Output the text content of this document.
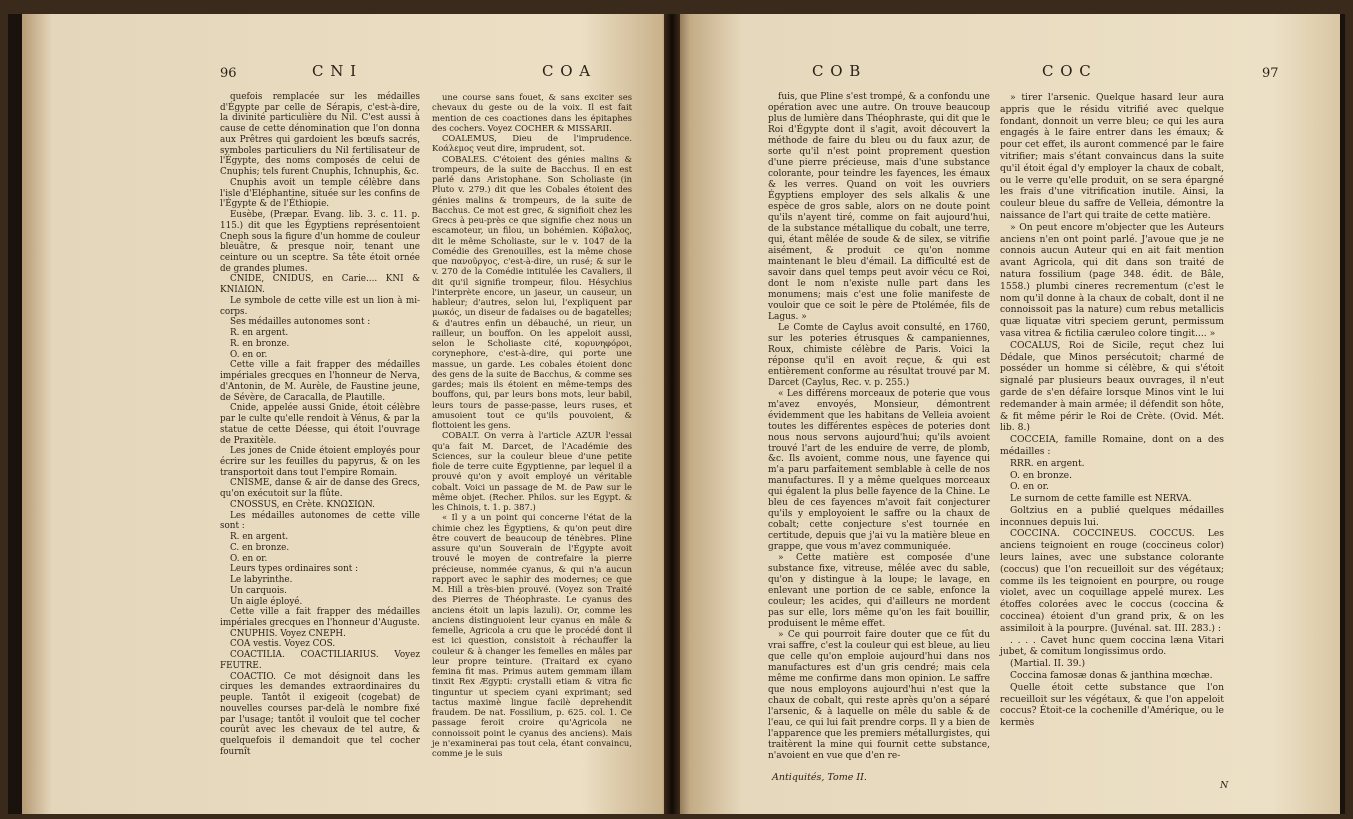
96	C N I	C O A

quefois remplacée sur les médailles d'Égypte par celle de Sérapis, c'est-à-dire, la divinité particulière du Nil. C'est aussi à cause de cette dénomination que l'on donna aux Prêtres qui gardoient les bœufs sacrés, symboles particuliers du Nil fertilisateur de l'Égypte, des noms composés de celui de Cnuphis; tels furent Cnuphis, Ichnuphis, &c.

Cnuphis avoit un temple célèbre dans l'isle d'Eléphantine, située sur les confins de l'Égypte & de l'Éthiopie.

Eusèbe, (Præpar. Evang. lib. 3. c. 11. p. 115.) dit que les Égyptiens représentoient Cneph sous la figure d'un homme de couleur bleuâtre, & presque noir, tenant une ceinture ou un sceptre. Sa tête étoit ornée de grandes plumes.

CNIDE, CNIDUS, en Carie.... KNI & KNIΔIΩN.

Le symbole de cette ville est un lion à mi-corps.

Ses médailles autonomes sont :

R. en argent.

R. en bronze.

O. en or.

Cette ville a fait frapper des médailles impériales grecques en l'honneur de Nerva, d'Antonin, de M. Aurèle, de Faustine jeune, de Sévère, de Caracalla, de Plautille.

Cnide, appelée aussi Gnide, étoit célèbre par le culte qu'elle rendoit à Vénus, & par la statue de cette Déesse, qui étoit l'ouvrage de Praxitèle.

Les jones de Cnide étoient employés pour écrire sur les feuilles du papyrus, & on les transportoit dans tout l'empire Romain.

CNISME, danse & air de danse des Grecs, qu'on exécutoit sur la flûte.

CNOSSUS, en Crète. KNΩΣIΩN.

Les médailles autonomes de cette ville sont :

R. en argent.

C. en bronze.

O. en or.

Leurs types ordinaires sont :

Le labyrinthe.

Un carquois.

Un aigle éployé.

Cette ville a fait frapper des médailles impériales grecques en l'honneur d'Auguste.

CNUPHIS. Voyez CNEPH.

COA vestis. Voyez COS.

COACTILIA. COACTILIARIUS. Voyez FEUTRE.

COACTIO. Ce mot désignoit dans les cirques les demandes extraordinaires du peuple. Tantôt il exigeoit (cogebat) de nouvelles courses par-delà le nombre fixé par l'usage; tantôt il vouloit que tel cocher courût avec les chevaux de tel autre, & quelquefois il demandoit que tel cocher fournît

une course sans fouet, & sans exciter ses chevaux du geste ou de la voix. Il est fait mention de ces coactiones dans les épitaphes des cochers. Voyez COCHER & MISSARII.

COALEMUS, Dieu de l'imprudence. Κοάλεμος veut dire, imprudent, sot.

COBALES. C'étoient des génies malins & trompeurs, de la suite de Bacchus. Il en est parlé dans Aristophane. Son Scholiaste (in Pluto v. 279.) dit que les Cobales étoient des génies malins & trompeurs, de la suite de Bacchus. Ce mot est grec, & signifioit chez les Grecs à peu-près ce que signifie chez nous un escamoteur, un filou, un bohémien. Κόβαλος, dit le même Scholiaste, sur le v. 1047 de la Comédie des Grenouilles, est la même chose que πανοῦργος, c'est-à-dire, un rusé; & sur le v. 270 de la Comédie intitulée les Cavaliers, il dit qu'il signifie trompeur, filou. Hésychius l'interprète encore, un jaseur, un causeur, un hableur; d'autres, selon lui, l'expliquent par μωκός, un diseur de fadaises ou de bagatelles; & d'autres enfin un débauché, un rieur, un railleur, un bouffon. On les appeloit aussi, selon le Scholiaste cité, κορυνηφόροι, corynephore, c'est-à-dire, qui porte une massue, un garde. Les cobales étoient donc des gens de la suite de Bacchus, & comme ses gardes; mais ils étoient en même-temps des bouffons, qui, par leurs bons mots, leur babil, leurs tours de passe-passe, leurs ruses, et amusoient tout ce qu'ils pouvoient, & flottoient les gens.

COBALT. On verra à l'article AZUR l'essai qu'a fait M. Darcet, de l'Académie des Sciences, sur la couleur bleue d'une petite fiole de terre cuite Égyptienne, par lequel il a prouvé qu'on y avoit employé un véritable cobalt. Voici un passage de M. de Paw sur le même objet. (Recher. Philos. sur les Egypt. & les Chinois, t. 1. p. 387.)

« Il y a un point qui concerne l'état de la chimie chez les Égyptiens, & qu'on peut dire être couvert de beaucoup de ténèbres. Pline assure qu'un Souverain de l'Égypte avoit trouvé le moyen de contrefaire la pierre précieuse, nommée cyanus, & qui n'a aucun rapport avec le saphir des modernes; ce que M. Hill a très-bien prouvé. (Voyez son Traité des Pierres de Théophraste. Le cyanus des anciens étoit un lapis lazuli). Or, comme les anciens distinguoient leur cyanus en mâle & femelle, Agricola a cru que le procédé dont il est ici question, consistoit à réchauffer la couleur & à changer les femelles en mâles par leur propre teinture. (Traitard ex cyano femina fit mas. Primus autem gemmam illam tinxit Rex Ægypti: crystalli etiam & vitra fic tinguntur ut speciem cyani exprimant; sed tactus maximè lingue facilè deprehendit fraudem. De nat. Fossilium, p. 625. col. 1. Ce passage feroit croire qu'Agricola ne connoissoit point le cyanus des anciens). Mais je n'examinerai pas tout cela, étant convaincu, comme je le suis

C O B	C O C	97

fuis, que Pline s'est trompé, & a confondu une opération avec une autre. On trouve beaucoup plus de lumière dans Théophraste, qui dit que le Roi d'Égypte dont il s'agit, avoit découvert la méthode de faire du bleu ou du faux azur, de sorte qu'il n'est point proprement question d'une pierre précieuse, mais d'une substance colorante, pour teindre les fayences, les émaux & les verres. Quand on voit les ouvriers Égyptiens employer des sels alkalis & une espèce de gros sable, alors on ne doute point qu'ils n'ayent tiré, comme on fait aujourd'hui, de la substance métallique du cobalt, une terre, qui, étant mêlée de soude & de silex, se vitrifie aisément, & produit ce qu'on nomme maintenant le bleu d'émail. La difficulté est de savoir dans quel temps peut avoir vécu ce Roi, dont le nom n'existe nulle part dans les monumens; mais c'est une folie manifeste de vouloir que ce soit le père de Ptolémée, fils de Lagus. »

Le Comte de Caylus avoit consulté, en 1760, sur les poteries étrusques & campaniennes, Roux, chimiste célèbre de Paris. Voici la réponse qu'il en avoit reçue, & qui est entièrement conforme au résultat trouvé par M. Darcet (Caylus, Rec. v. p. 255.)

« Les différens morceaux de poterie que vous m'avez envoyés, Monsieur, démontrent évidemment que les habitans de Velleia avoient toutes les différentes espèces de poteries dont nous nous servons aujourd'hui; qu'ils avoient trouvé l'art de les enduire de verre, de plomb, &c. Ils avoient, comme nous, une fayence qui m'a paru parfaitement semblable à celle de nos manufactures. Il y a même quelques morceaux qui égalent la plus belle fayence de la Chine. Le bleu de ces fayences m'avoit fait conjecturer qu'ils y employoient le saffre ou la chaux de cobalt; cette conjecture s'est tournée en certitude, depuis que j'ai vu la matière bleue en grappe, que vous m'avez communiquée.

» Cette matière est composée d'une substance fixe, vitreuse, mêlée avec du sable, qu'on y distingue à la loupe; le lavage, en enlevant une portion de ce sable, enfonce la couleur; les acides, qui d'ailleurs ne mordent pas sur elle, lors même qu'on les fait bouillir, produisent le même effet.

» Ce qui pourroit faire douter que ce fût du vrai saffre, c'est la couleur qui est bleue, au lieu que celle qu'on emploie aujourd'hui dans nos manufactures est d'un gris cendré; mais cela même me confirme dans mon opinion. Le saffre que nous employons aujourd'hui n'est que la chaux de cobalt, qui reste après qu'on a séparé l'arsenic, & à laquelle on mêle du sable & de l'eau, ce qui lui fait prendre corps. Il y a bien de l'apparence que les premiers métallurgistes, qui traitèrent la mine qui fournit cette substance, n'avoient en vue que d'en re-

» tirer l'arsenic. Quelque hasard leur aura appris que le résidu vitrifié avec quelque fondant, donnoit un verre bleu; ce qui les aura engagés à le faire entrer dans les émaux; & pour cet effet, ils auront commencé par le faire vitrifier; mais s'étant convaincus dans la suite qu'il étoit égal d'y employer la chaux de cobalt, ou le verre qu'elle produit, on se sera épargné les frais d'une vitrification inutile. Ainsi, la couleur bleue du saffre de Velleia, démontre la naissance de l'art qui traite de cette matière.

» On peut encore m'objecter que les Auteurs anciens n'en ont point parlé. J'avoue que je ne connois aucun Auteur qui en ait fait mention avant Agricola, qui dit dans son traité de natura fossilium (page 348. édit. de Bâle, 1558.) plumbi cineres recrementum (c'est le nom qu'il donne à la chaux de cobalt, dont il ne connoissoit pas la nature) cum rebus metallicis quæ liquatæ vitri speciem gerunt, permissum vasa vitrea & fictilia cæruleo colore tingit.... »

COCALUS, Roi de Sicile, reçut chez lui Dédale, que Minos persécutoit; charmé de posséder un homme si célèbre, & qui s'étoit signalé par plusieurs beaux ouvrages, il n'eut garde de s'en défaire lorsque Minos vint le lui redemander à main armée; il défendit son hôte, & fit même périr le Roi de Crète. (Ovid. Mét. lib. 8.)

COCCEIA, famille Romaine, dont on a des médailles :

RRR. en argent.

O. en bronze.

O. en or.

Le surnom de cette famille est NERVA.

Goltzius en a publié quelques médailles inconnues depuis lui.

COCCINA. COCCINEUS. COCCUS. Les anciens teignoient en rouge (coccineus color) leurs laines, avec une substance colorante (coccus) que l'on recueilloit sur des végétaux; comme ils les teignoient en pourpre, ou rouge violet, avec un coquillage appelé murex. Les étoffes colorées avec le coccus (coccina & coccinea) étoient d'un grand prix, & on les assimiloit à la pourpre. (Juvénal. sat. III. 283.) :

. . . . Cavet hunc quem coccina læna Vitari jubet, & comitum longissimus ordo.

(Martial. II. 39.)

Coccina famosæ donas & janthina mœchæ.

Quelle étoit cette substance que l'on recueilloit sur les végétaux, & que l'on appeloit coccus? Étoit-ce la cochenille d'Amérique, ou le kermès

Antiquités, Tome II.
N
